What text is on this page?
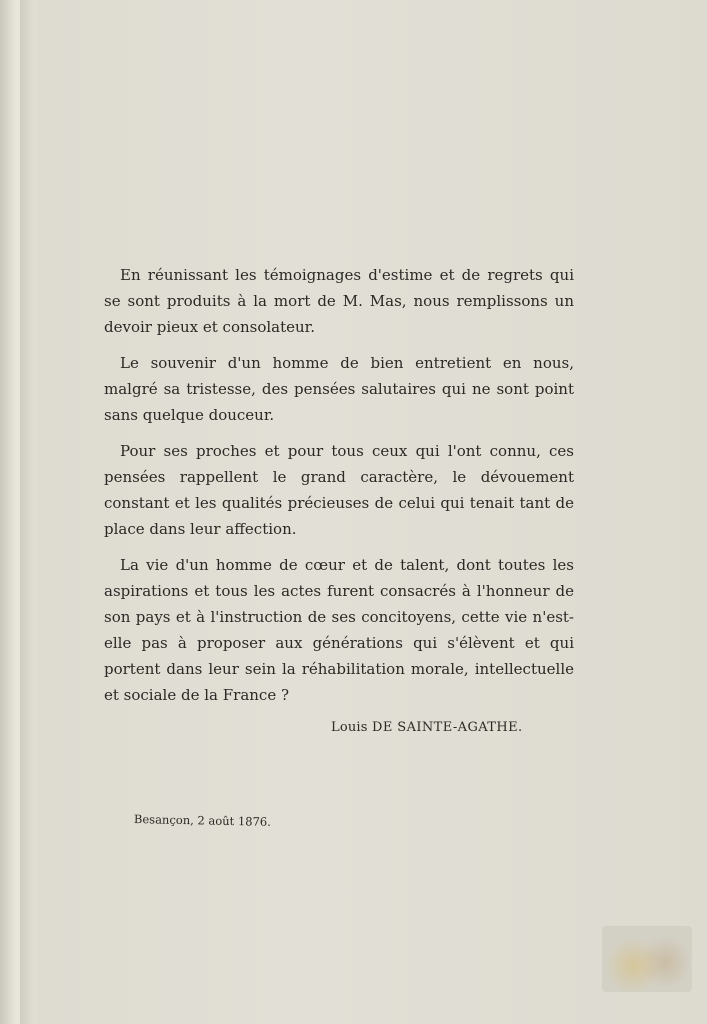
En réunissant les témoignages d'estime et de regrets qui se sont produits à la mort de M. Mas, nous remplissons un devoir pieux et consolateur.

Le souvenir d'un homme de bien entretient en nous, malgré sa tristesse, des pensées salutaires qui ne sont point sans quelque douceur.

Pour ses proches et pour tous ceux qui l'ont connu, ces pensées rappellent le grand caractère, le dévouement constant et les qualités précieuses de celui qui tenait tant de place dans leur affection.

La vie d'un homme de cœur et de talent, dont toutes les aspirations et tous les actes furent consacrés à l'honneur de son pays et à l'instruction de ses concitoyens, cette vie n'est-elle pas à proposer aux générations qui s'élèvent et qui portent dans leur sein la réhabilitation morale, intellectuelle et sociale de la France ?

Louis DE SAINTE-AGATHE.
Besançon, 2 août 1876.
